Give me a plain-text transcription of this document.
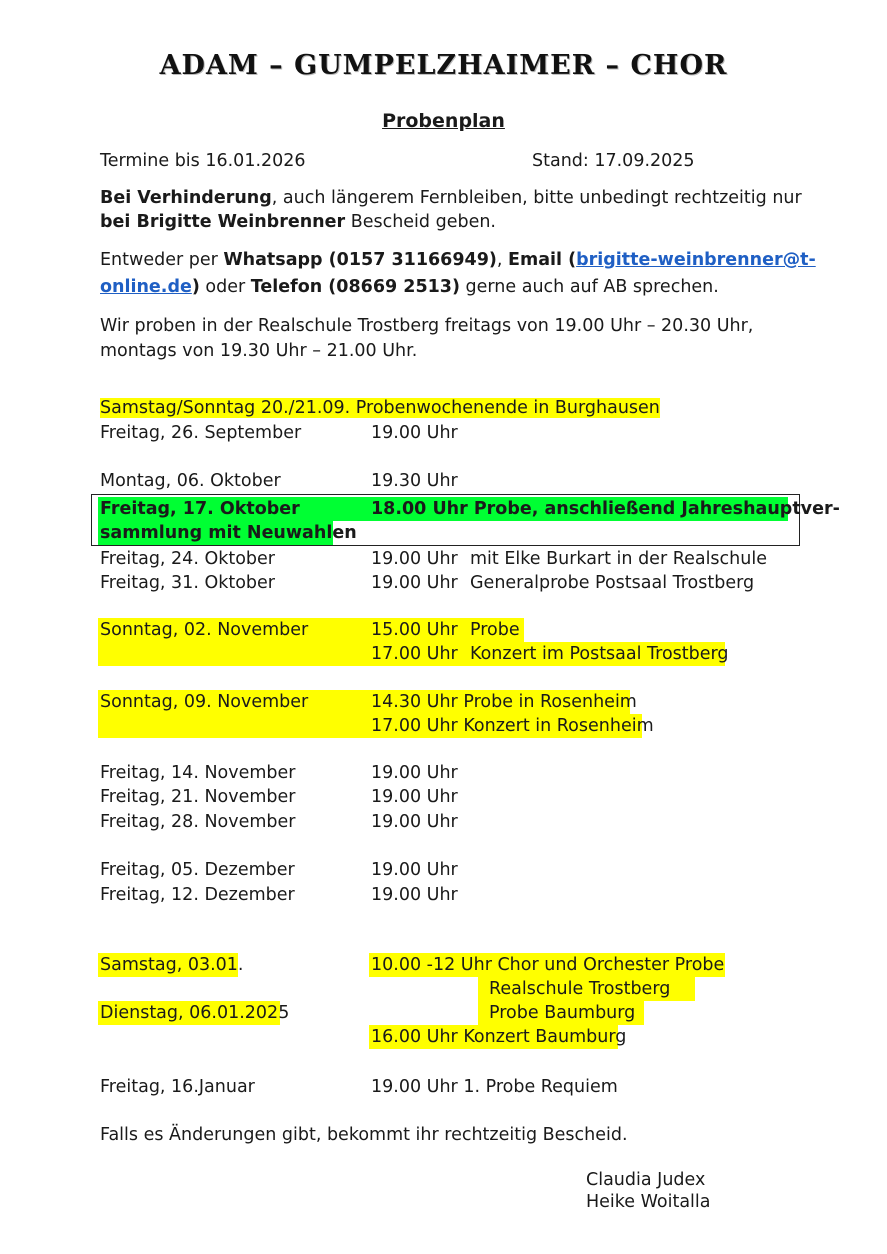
ADAM – GUMPELZHAIMER – CHOR
Probenplan
Termine bis 16.01.2026	Stand: 17.09.2025
Bei Verhinderung, auch längerem Fernbleiben, bitte unbedingt rechtzeitig nur
bei Brigitte Weinbrenner Bescheid geben.
Entweder per Whatsapp (0157 31166949), Email (brigitte-weinbrenner@t-
online.de) oder Telefon (08669 2513) gerne auch auf AB sprechen.
Wir proben in der Realschule Trostberg freitags von 19.00 Uhr – 20.30 Uhr,
montags von 19.30 Uhr – 21.00 Uhr.
Samstag/Sonntag 20./21.09. Probenwochenende in Burghausen
Freitag, 26. September	19.00 Uhr
Montag, 06. Oktober	19.30 Uhr
Freitag, 17. Oktober	18.00 Uhr Probe, anschließend Jahreshauptver-
sammlung mit Neuwahlen
Freitag, 24. Oktober	19.00 Uhr mit Elke Burkart in der Realschule
Freitag, 31. Oktober	19.00 Uhr Generalprobe Postsaal Trostberg
Sonntag, 02. November	15.00 Uhr Probe
17.00 Uhr Konzert im Postsaal Trostberg
Sonntag, 09. November	14.30 Uhr Probe in Rosenheim
17.00 Uhr Konzert in Rosenheim
Freitag, 14. November	19.00 Uhr
Freitag, 21. November	19.00 Uhr
Freitag, 28. November	19.00 Uhr
Freitag, 05. Dezember	19.00 Uhr
Freitag, 12. Dezember	19.00 Uhr
Samstag, 03.01.	10.00 -12 Uhr Chor und Orchester Probe
Realschule Trostberg
Dienstag, 06.01.2025	Probe Baumburg
16.00 Uhr Konzert Baumburg
Freitag, 16.Januar	19.00 Uhr 1. Probe Requiem
Falls es Änderungen gibt, bekommt ihr rechtzeitig Bescheid.
Claudia Judex
Heike Woitalla
